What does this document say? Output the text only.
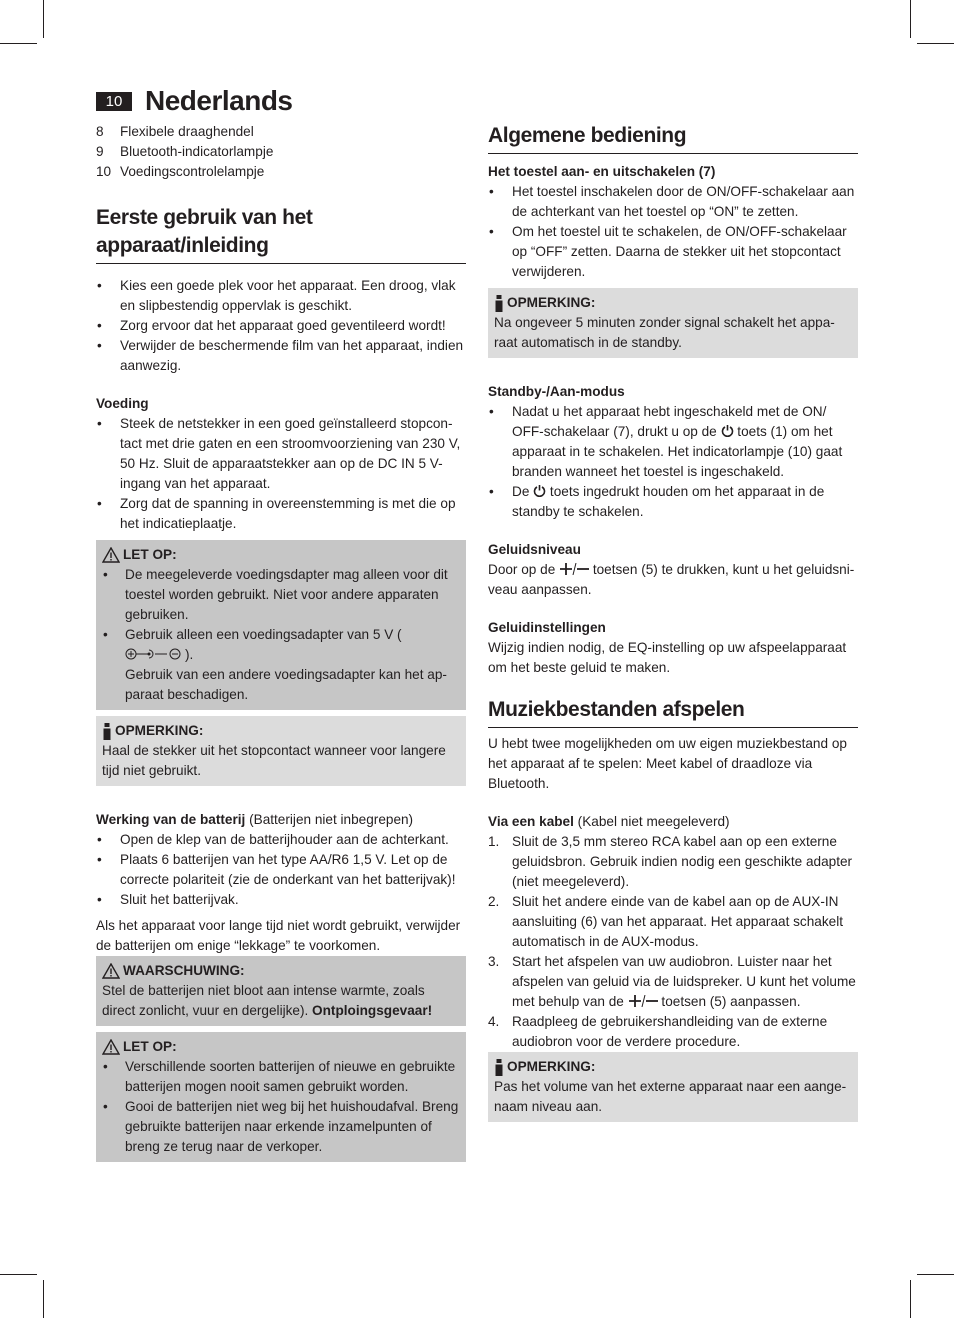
10 Nederlands
8 Flexibele draaghendel
9 Bluetooth-indicatorlampje
10 Voedingscontrolelampje
Eerste gebruik van het apparaat/inleiding
• Kies een goede plek voor het apparaat. Een droog, vlak en slipbestendig oppervlak is geschikt.
• Zorg ervoor dat het apparaat goed geventileerd wordt!
• Verwijder de beschermende film van het apparaat, indien aanwezig.
Voeding
• Steek de netstekker in een goed geïnstalleerd stopcontact met drie gaten en een stroomvoorziening van 230 V, 50 Hz. Sluit de apparaatstekker aan op de DC IN 5 V-ingang van het apparaat.
• Zorg dat de spanning in overeenstemming is met die op het indicatieplaatje.
LET OP:
• De meegeleverde voedingsdapter mag alleen voor dit toestel worden gebruikt. Niet voor andere apparaten gebruiken.
• Gebruik alleen een voedingsadapter van 5 V ().
Gebruik van een andere voedingsadapter kan het apparaat beschadigen.
OPMERKING:

Haal de stekker uit het stopcontact wanneer voor langere tijd niet gebruikt.

Werking van de batterij (Batterijen niet inbegrepen)

• Open de klep van de batterijhouder aan de achterkant.
• Plaats 6 batterijen van het type AA/R6 1,5 V. Let op de correcte polariteit (zie de onderkant van het batterijvak)!
• Sluit het batterijvak.

Als het apparaat voor lange tijd niet wordt gebruikt, verwijder de batterijen om enige “lekkage” te voorkomen.

WAARSCHUWING:

Stel de batterijen niet bloot aan intense warmte, zoals direct zonlicht, vuur en dergelijke). Ontploingsgevaar!

LET OP:
• Verschillende soorten batterijen of nieuwe en gebruikte batterijen mogen nooit samen gebruikt worden.
• Gooi de batterijen niet weg bij het huishoudafval. Breng gebruikte batterijen naar erkende inzamelpunten of breng ze terug naar de verkoper.
Algemene bediening
Het toestel aan- en uitschakelen (7)
• Het toestel inschakelen door de ON/OFF-schakelaar aan de achterkant van het toestel op “ON” te zetten.
• Om het toestel uit te schakelen, de ON/OFF-schakelaar op “OFF” zetten. Daarna de stekker uit het stopcontact verwijderen.
OPMERKING:

Na ongeveer 5 minuten zonder signal schakelt het apparaat automatisch in de standby.

Standby-/Aan-modus
• Nadat u het apparaat hebt ingeschakeld met de ON/ OFF-schakelaar (7), drukt u op de  toets (1) om het apparaat in te schakelen. Het indicatorlampje (10) gaat branden wanneet het toestel is ingeschakeld.
• De  toets ingedrukt houden om het apparaat in de standby te schakelen.
Geluidsniveau

Door op de  toetsen (5) te drukken, kunt u het geluidsniveau aanpassen.

Geluidinstellingen

Wijzig indien nodig, de EQ-instelling op uw afspeelapparaat om het beste geluid te maken.

Muziekbestanden afspelen

U hebt twee mogelijkheden om uw eigen muziekbestand op het apparaat af te spelen: Meet kabel of draadloze via Bluetooth.

Via een kabel (Kabel niet meegeleverd)

1. Sluit de 3,5 mm stereo RCA kabel aan op een externe geluidsbron. Gebruik indien nodig een geschikte adapter (niet meegeleverd).
2. Sluit het andere einde van de kabel aan op de AUX-IN aansluiting (6) van het apparaat. Het apparaat schakelt automatisch in de AUX-modus.
3. Start het afspelen van uw audiobron. Luister naar het afspelen van geluid via de luidspreker. U kunt het volume met behulp van de  toetsen (5) aanpassen.
4. Raadpleeg de gebruikershandleiding van de externe audiobron voor de verdere procedure.
OPMERKING:

Pas het volume van het externe apparaat naar een aangenaam niveau aan.
